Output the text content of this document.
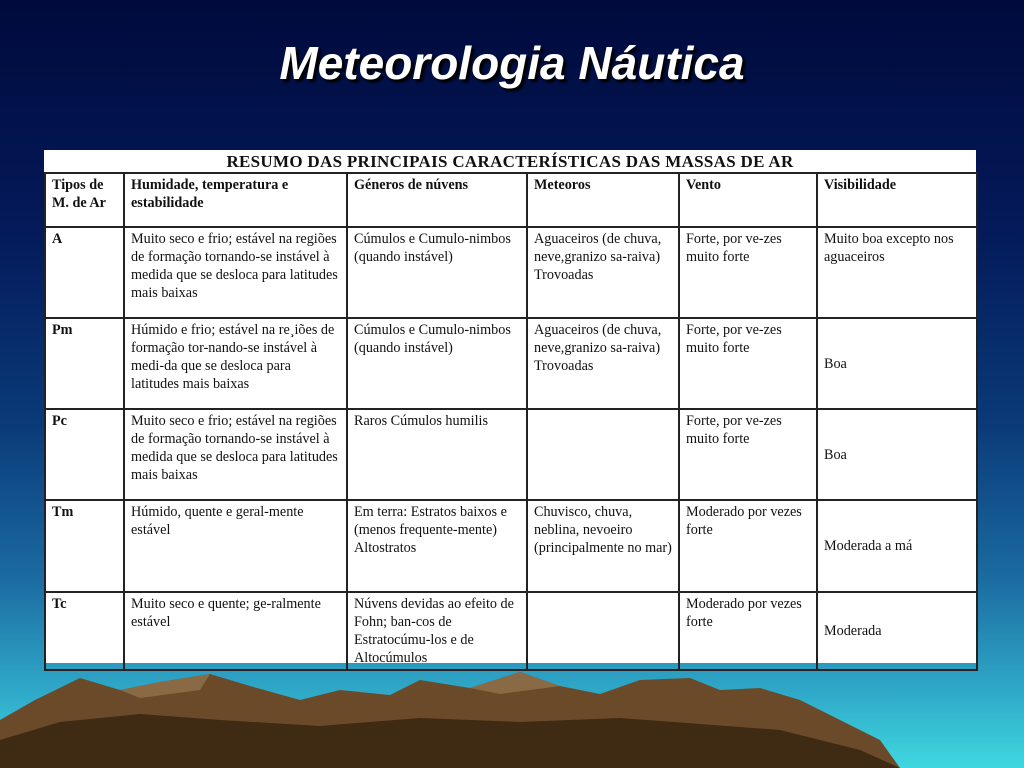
Meteorologia Náutica
RESUMO DAS PRINCIPAIS CARACTERÍSTICAS DAS MASSAS DE AR
Tipos de M. de Ar	Humidade, temperatura e estabilidade	Géneros de núvens	Meteoros	Vento	Visibilidade
A	Muito seco e frio; estável na regiões de formação tornando-se instável à medida que se desloca para latitudes mais baixas	Cúmulos e Cumulo-nimbos (quando instável)	Aguaceiros (de chuva, neve,granizo sa-raiva) Trovoadas	Forte, por ve-zes muito forte	Muito boa excepto nos aguaceiros
Pm	Húmido e frio; estável na re¸iões de formação tor-nando-se instável à medi-da que se desloca para latitudes mais baixas	Cúmulos e Cumulo-nimbos (quando instável)	Aguaceiros (de chuva, neve,granizo sa-raiva) Trovoadas	Forte, por ve-zes muito forte	Boa
Pc	Muito seco e frio; estável na regiões de formação tornando-se instável à medida que se desloca para latitudes mais baixas	Raros Cúmulos humilis		Forte, por ve-zes muito forte	Boa
Tm	Húmido, quente e geral-mente estável	Em terra: Estratos baixos e (menos frequente-mente) Altostratos	Chuvisco, chuva, neblina, nevoeiro (principalmente no mar)	Moderado por vezes forte	Moderada a má
Tc	Muito seco e quente; ge-ralmente estável	Núvens devidas ao efeito de Fohn; ban-cos de Estratocúmu-los e de Altocúmulos		Moderado por vezes forte	Moderada
